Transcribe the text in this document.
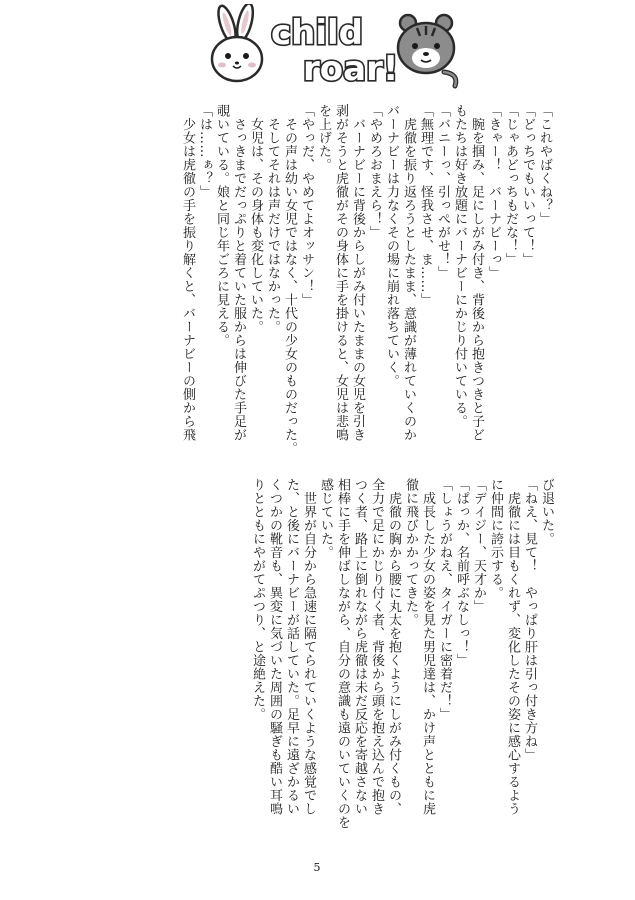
child
roar!
「これやばくね？」
「どっちでもいいって！」
「じゃあどっちもだな！」
「きゃー！　バーナビーっ」
　腕を掴み、足にしがみ付き、背後から抱きつきと子ど
もたちは好き放題にバーナビーにかじり付いている。
「バニーっ、引っぺがせ！」
「無理です、怪我させ、ま……」
　虎徹を振り返ろうとしたまま、意識が薄れていくのか
バーナビーは力なくその場に崩れ落ちていく。
「やめろおまえら！」
　バーナビーに背後からしがみ付いたままの女児を引き
剥がそうと虎徹がその身体に手を掛けると、女児は悲鳴
を上げた。
「やっだ、やめてよオッサン！」
　その声は幼い女児ではなく、十代の少女のものだった。
　そしてそれは声だけではなかった。
　女児は、その身体も変化していた。
　さっきまでだっぷりと着ていた服からは伸びた手足が
覗いている。娘と同じ年ごろに見える。
「は……ぁ？」
　少女は虎徹の手を振り解くと、バーナビーの側から飛
び退いた。
「ねえ、見て！　やっぱり肝は引っ付き方ね」
　虎徹には目もくれず、変化したその姿に感心するよう
に仲間に誇示する。
「デイジー、天才か」
「ぱっか、名前呼ぶなしっ！」
「しょうがねえ、タイガーに密着だ！」
　成長した少女の姿を見た男児達は、かけ声とともに虎
徹に飛びかかってきた。
　虎徹の胸から腰に丸太を抱くようにしがみ付くもの、
全力で足にかじり付く者、背後から頭を抱え込んで抱き
つく者、路上に倒れながら虎徹は未だ反応を寄越さない
相棒に手を伸ばしながら、自分の意識も遠のいていくのを
感じていた。
　世界が自分から急速に隔てられていくような感覚でし
た、と後にバーナビーが話していた。足早に遠ざかるい
くつかの靴音も、異変に気づいた周囲の騒ぎも酷い耳鳴
りとともにやがてぷつり、と途絶えた。
5
